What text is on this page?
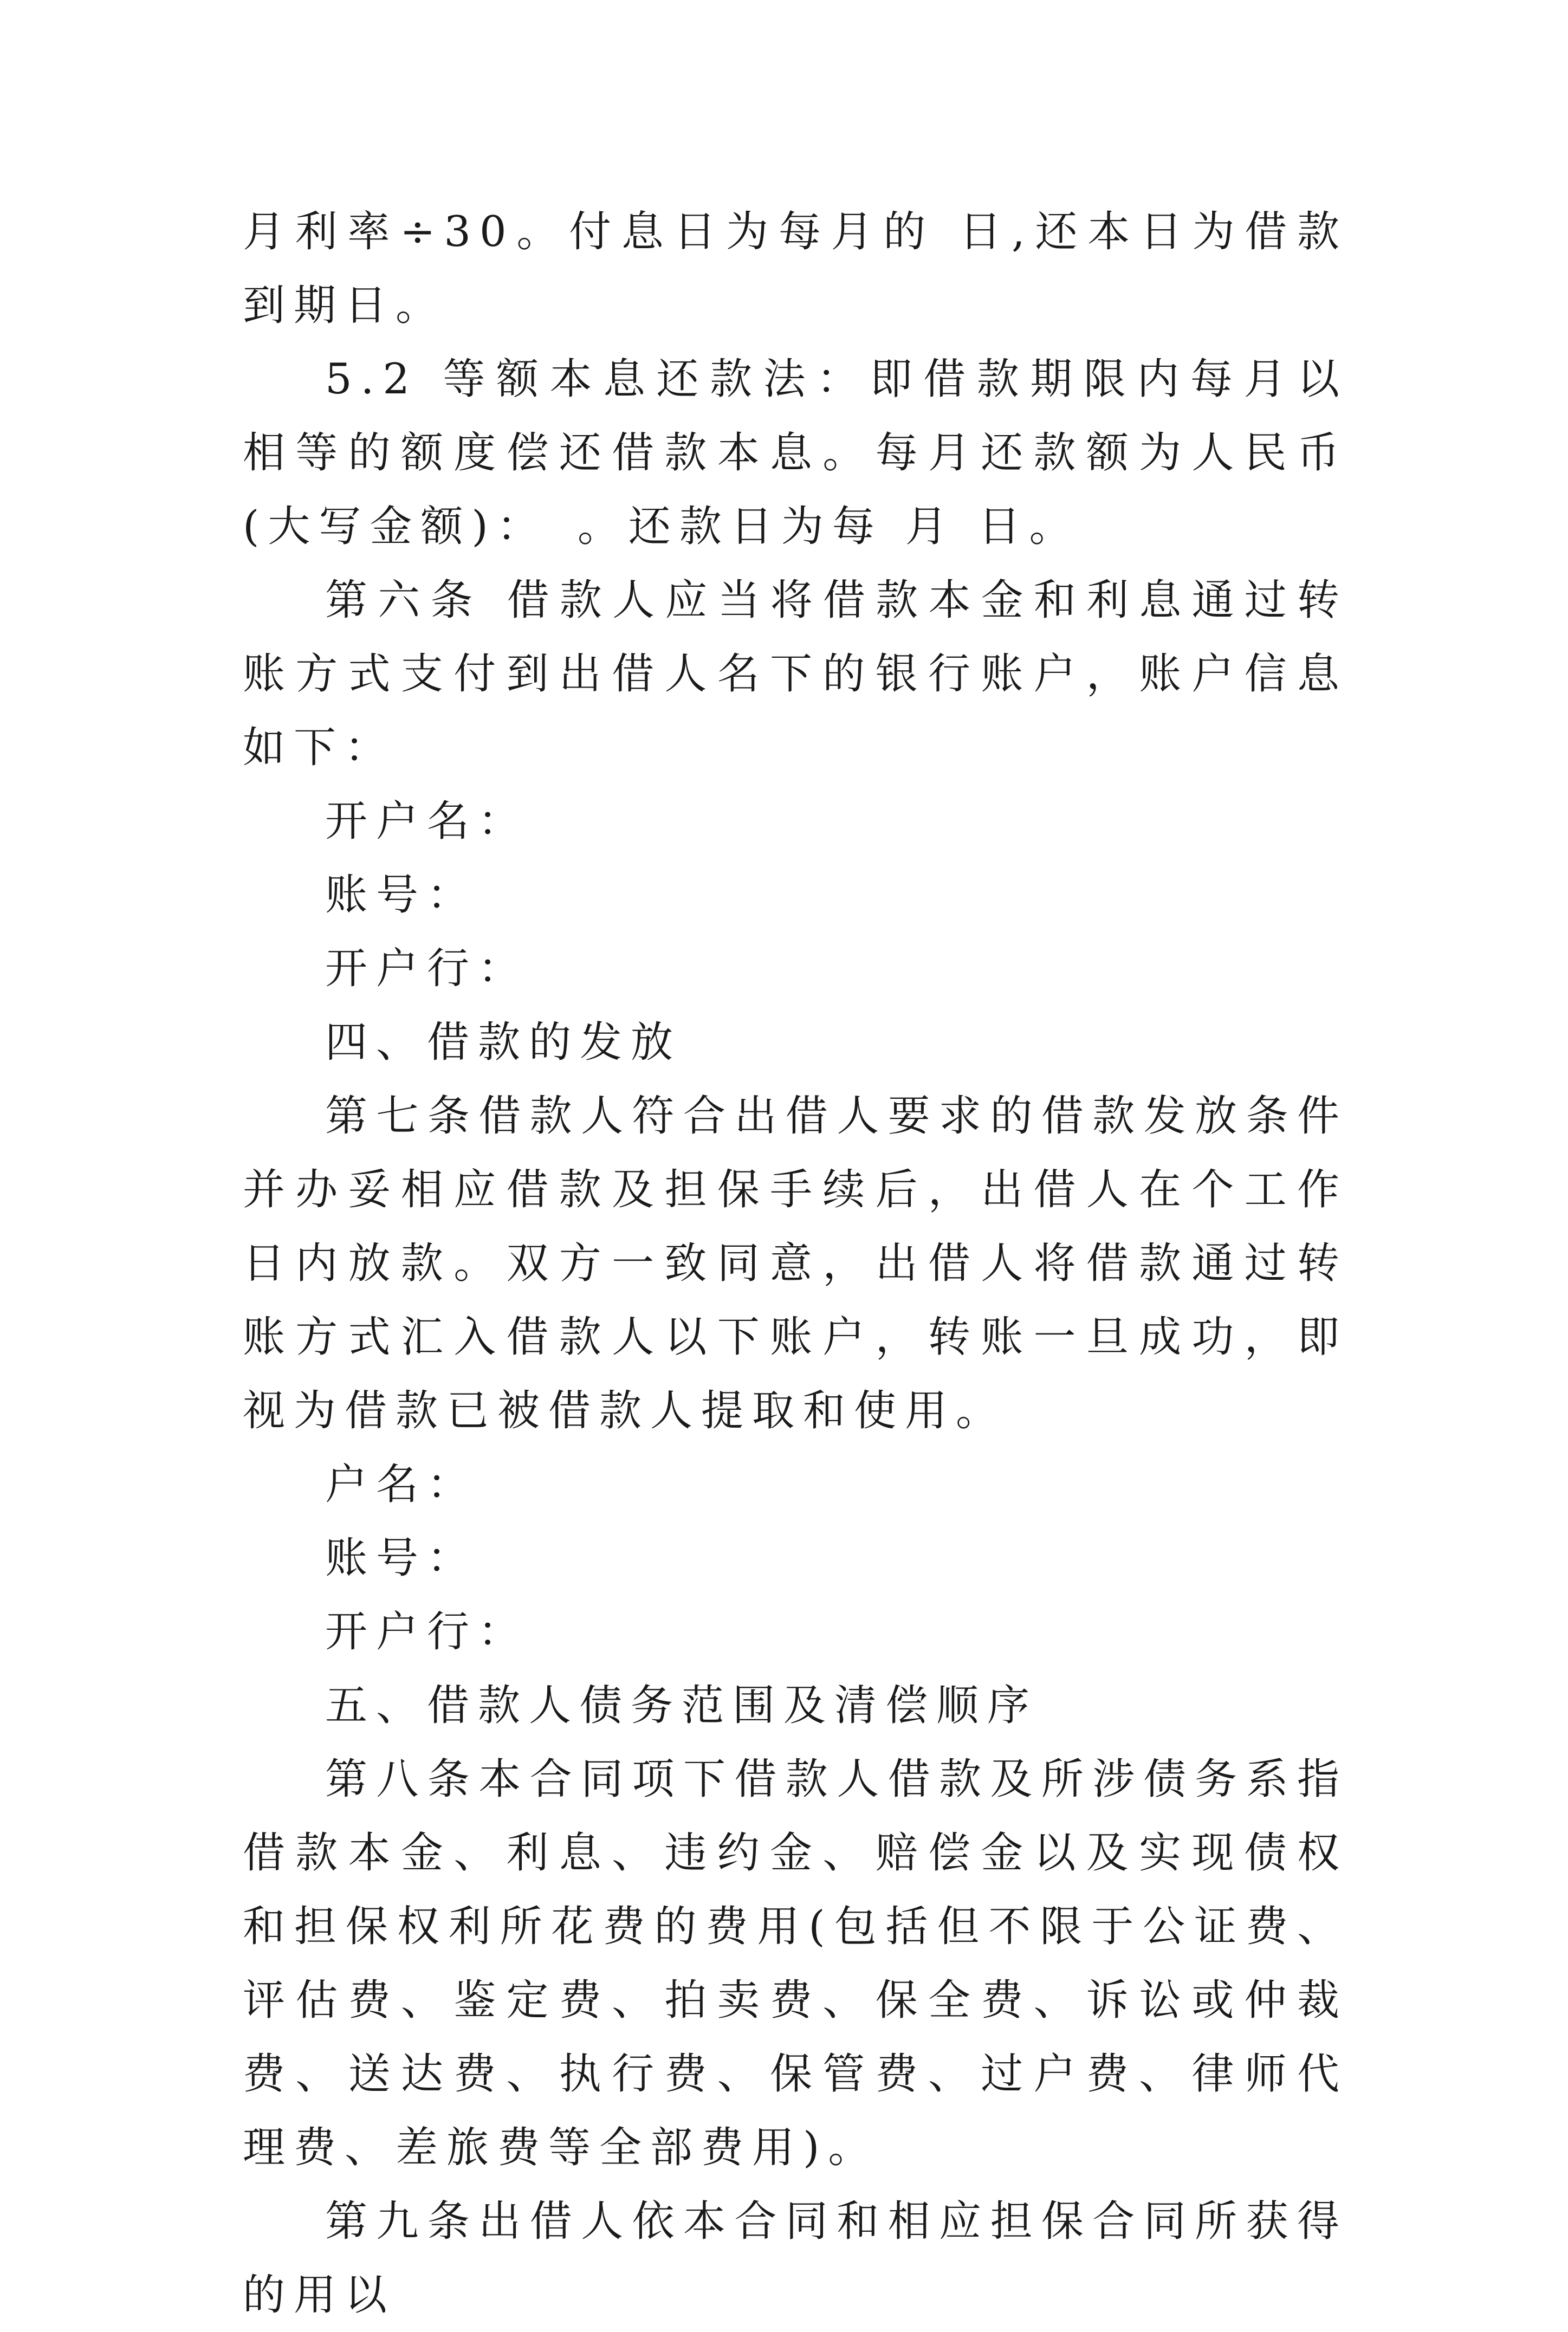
月利率÷30。付息日为每月的 日,还本日为借款到期日。

5.2 等额本息还款法：即借款期限内每月以相等的额度偿还借款本息。每月还款额为人民币(大写金额)：　。还款日为每 月 日。

第六条 借款人应当将借款本金和利息通过转账方式支付到出借人名下的银行账户，账户信息如下：

开户名：

账号：

开户行：

四、借款的发放

第七条借款人符合出借人要求的借款发放条件并办妥相应借款及担保手续后，出借人在个工作日内放款。双方一致同意，出借人将借款通过转账方式汇入借款人以下账户，转账一旦成功，即视为借款已被借款人提取和使用。

户名：

账号：

开户行：

五、借款人债务范围及清偿顺序

第八条本合同项下借款人借款及所涉债务系指借款本金、利息、违约金、赔偿金以及实现债权和担保权利所花费的费用(包括但不限于公证费、评估费、鉴定费、拍卖费、保全费、诉讼或仲裁费、送达费、执行费、保管费、过户费、律师代理费、差旅费等全部费用)。

第九条出借人依本合同和相应担保合同所获得的用以
